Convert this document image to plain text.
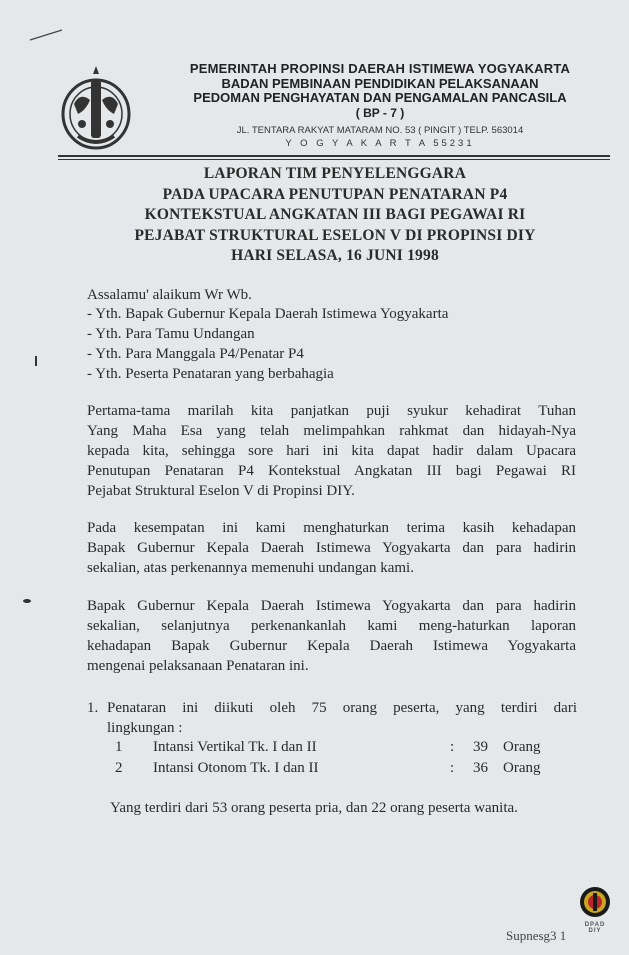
PEMERINTAH PROPINSI DAERAH ISTIMEWA YOGYAKARTA
BADAN PEMBINAAN PENDIDIKAN PELAKSANAAN
PEDOMAN PENGHAYATAN DAN PENGAMALAN PANCASILA
( BP - 7 )
JL. TENTARA RAKYAT MATARAM NO. 53 ( PINGIT ) TELP. 563014
Y O G Y A K A R T A 55231
LAPORAN TIM PENYELENGGARA
PADA UPACARA PENUTUPAN PENATARAN P4
KONTEKSTUAL ANGKATAN III BAGI PEGAWAI RI
PEJABAT STRUKTURAL ESELON V DI PROPINSI DIY
HARI SELASA, 16 JUNI 1998
Assalamu' alaikum Wr Wb.
- Yth. Bapak Gubernur Kepala Daerah Istimewa Yogyakarta
- Yth. Para Tamu Undangan
- Yth. Para Manggala P4/Penatar P4
- Yth. Peserta Penataran yang berbahagia
Pertama-tama marilah kita panjatkan puji syukur kehadirat Tuhan
Yang Maha Esa yang telah melimpahkan rahkmat dan hidayah-Nya
kepada kita, sehingga sore hari ini kita dapat hadir dalam Upacara
Penutupan Penataran P4 Kontekstual Angkatan III bagi Pegawai RI
Pejabat Struktural Eselon V di Propinsi DIY.
Pada kesempatan ini kami menghaturkan terima kasih kehadapan
Bapak Gubernur Kepala Daerah Istimewa Yogyakarta dan para hadirin
sekalian, atas perkenannya memenuhi undangan kami.
Bapak Gubernur Kepala Daerah Istimewa Yogyakarta dan para hadirin
sekalian, selanjutnya perkenankanlah kami meng-haturkan laporan
kehadapan Bapak Gubernur Kepala Daerah Istimewa Yogyakarta
mengenai pelaksanaan Penataran ini.
1. Penataran ini diikuti oleh 75 orang peserta, yang terdiri dari
lingkungan :
1 Intansi Vertikal Tk. I dan II	: 39 Orang
2 Intansi Otonom Tk. I dan II	: 36 Orang
Yang terdiri dari 53 orang peserta pria, dan 22 orang peserta wanita.
DPAD
DIY
Supnesg3 1
